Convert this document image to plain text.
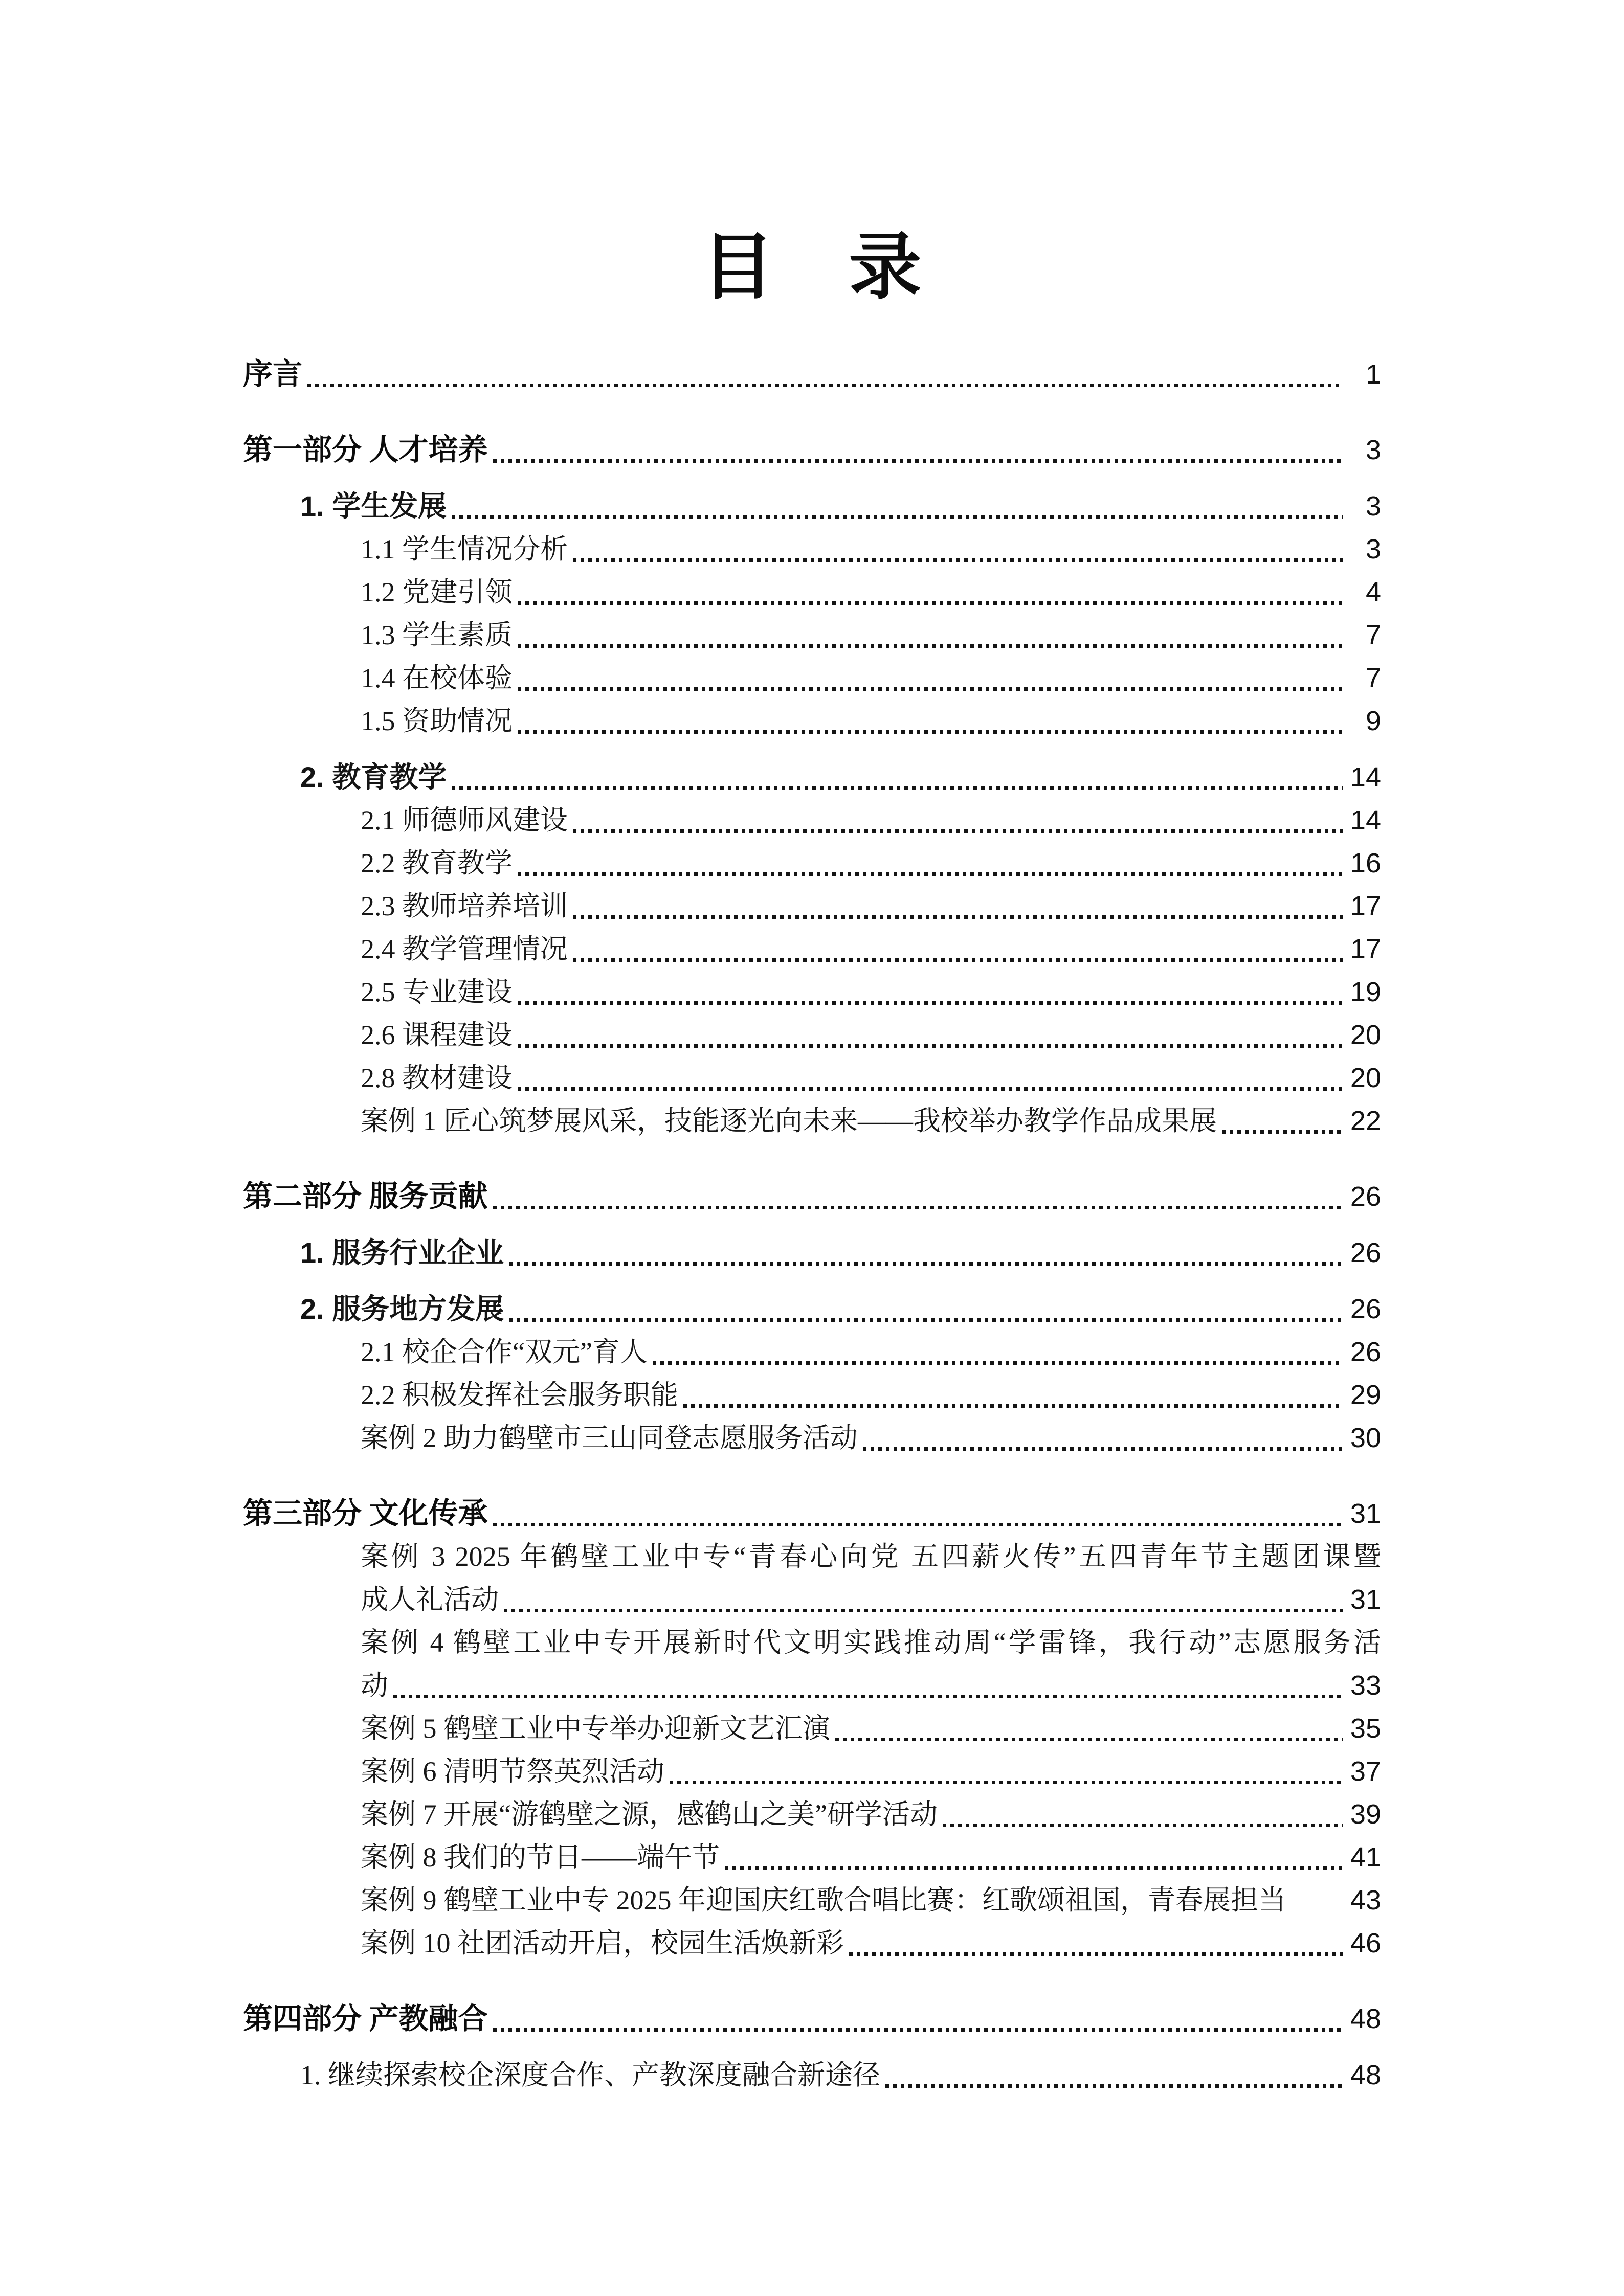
目　录
序言	1
第一部分 人才培养	3
1. 学生发展	3
1.1 学生情况分析	3
1.2 党建引领	4
1.3 学生素质	7
1.4 在校体验	7
1.5 资助情况	9
2. 教育教学	14
2.1 师德师风建设	14
2.2 教育教学	16
2.3 教师培养培训	17
2.4 教学管理情况	17
2.5 专业建设	19
2.6 课程建设	20
2.8 教材建设	20
案例 1 匠心筑梦展风采，技能逐光向未来——我校举办教学作品成果展	22
第二部分 服务贡献	26
1. 服务行业企业	26
2. 服务地方发展	26
2.1 校企合作“双元”育人	26
2.2 积极发挥社会服务职能	29
案例 2 助力鹤壁市三山同登志愿服务活动	30
第三部分 文化传承	31
案例 3 2025 年鹤壁工业中专“青春心向党 五四薪火传”五四青年节主题团课暨
成人礼活动	31
案例 4 鹤壁工业中专开展新时代文明实践推动周“学雷锋，我行动”志愿服务活
动	33
案例 5 鹤壁工业中专举办迎新文艺汇演	35
案例 6 清明节祭英烈活动	37
案例 7 开展“游鹤壁之源，感鹤山之美”研学活动	39
案例 8 我们的节日——端午节	41
案例 9 鹤壁工业中专 2025 年迎国庆红歌合唱比赛：红歌颂祖国，青春展担当 43
案例 10 社团活动开启，校园生活焕新彩	46
第四部分 产教融合	48
1. 继续探索校企深度合作、产教深度融合新途径	48
